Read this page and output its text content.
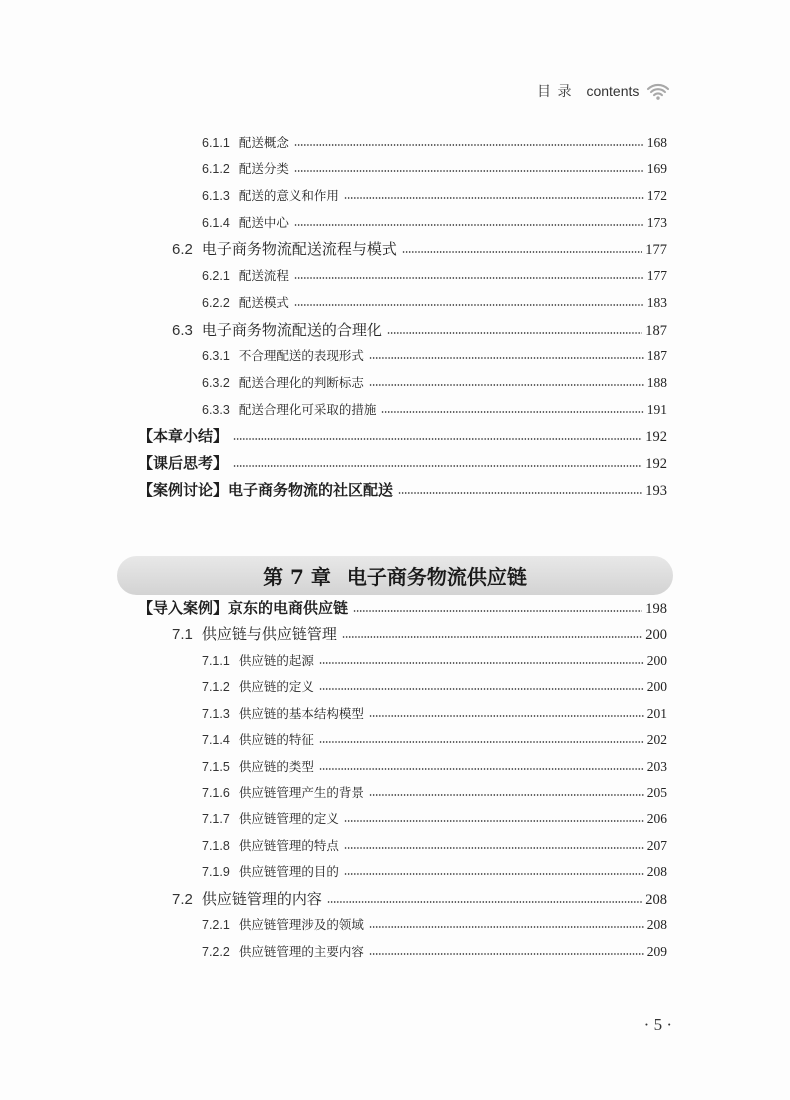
目 录 contents
6.1.1 配送概念	168
6.1.2 配送分类	169
6.1.3 配送的意义和作用	172
6.1.4 配送中心	173
6.2 电子商务物流配送流程与模式	177
6.2.1 配送流程	177
6.2.2 配送模式	183
6.3 电子商务物流配送的合理化	187
6.3.1 不合理配送的表现形式	187
6.3.2 配送合理化的判断标志	188
6.3.3 配送合理化可采取的措施	191
【本章小结】	192
【课后思考】	192
【案例讨论】 电子商务物流的社区配送	193
第 7 章 电子商务物流供应链
【导入案例】 京东的电商供应链	198
7.1 供应链与供应链管理	200
7.1.1 供应链的起源	200
7.1.2 供应链的定义	200
7.1.3 供应链的基本结构模型	201
7.1.4 供应链的特征	202
7.1.5 供应链的类型	203
7.1.6 供应链管理产生的背景	205
7.1.7 供应链管理的定义	206
7.1.8 供应链管理的特点	207
7.1.9 供应链管理的目的	208
7.2 供应链管理的内容	208
7.2.1 供应链管理涉及的领域	208
7.2.2 供应链管理的主要内容	209
· 5 ·
